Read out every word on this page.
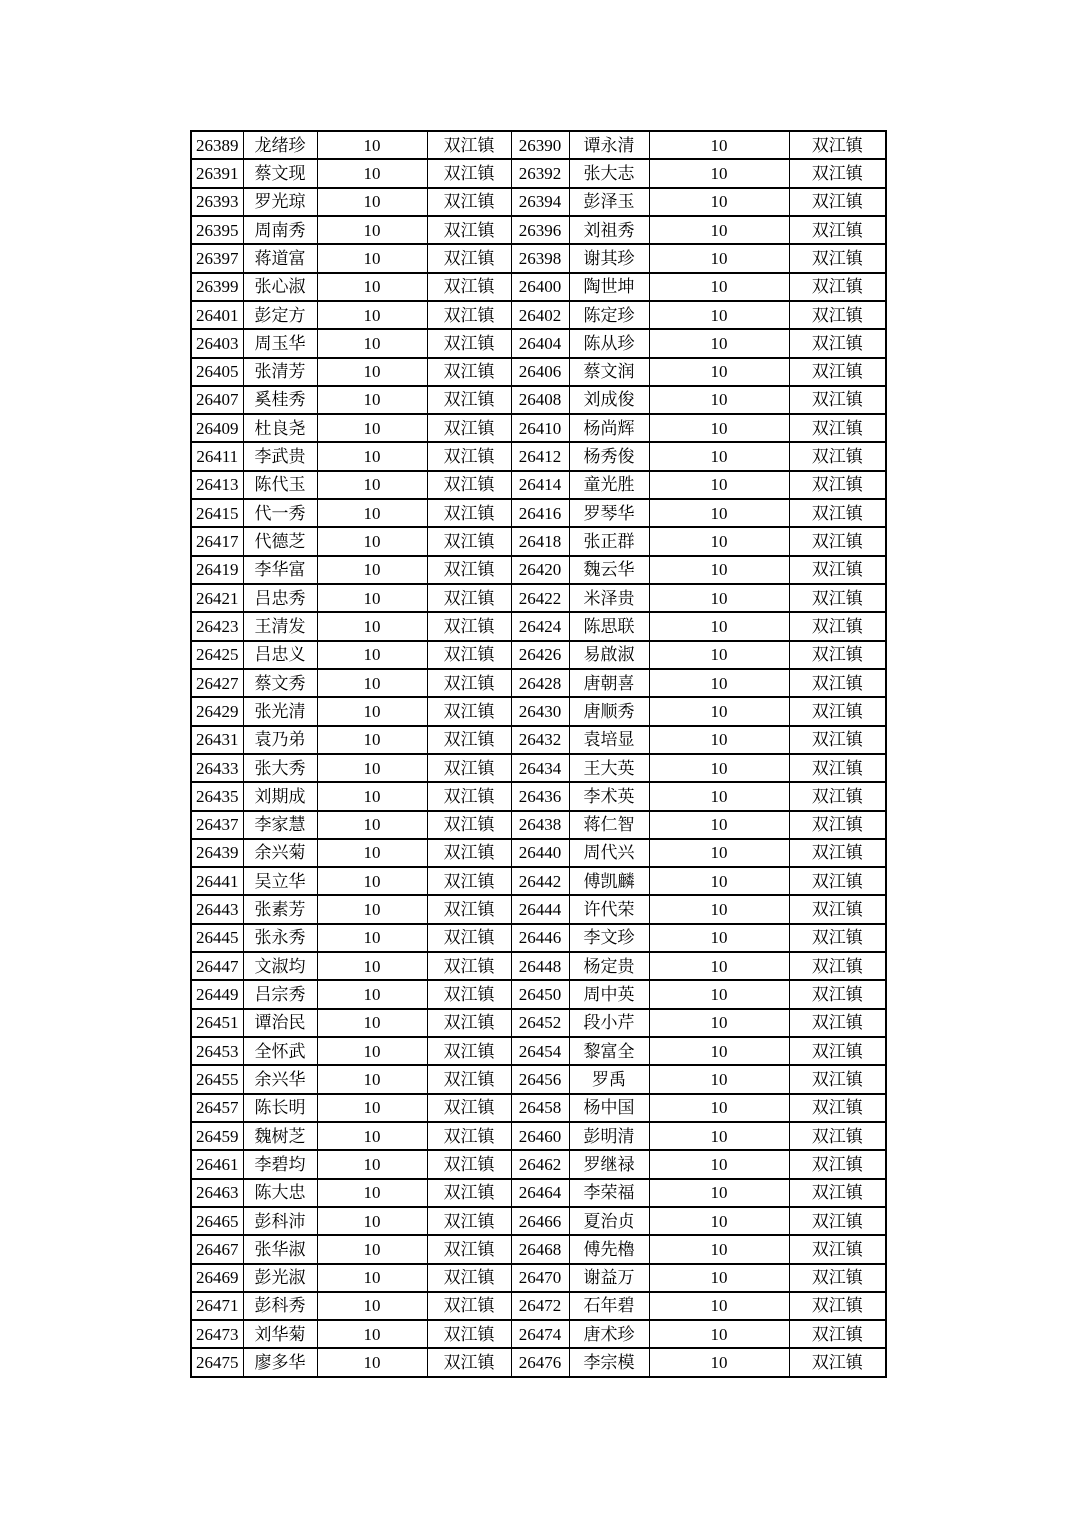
26389	龙绪珍	10	双江镇	26390	谭永清	10	双江镇
26391	蔡文现	10	双江镇	26392	张大志	10	双江镇
26393	罗光琼	10	双江镇	26394	彭泽玉	10	双江镇
26395	周南秀	10	双江镇	26396	刘祖秀	10	双江镇
26397	蒋道富	10	双江镇	26398	谢其珍	10	双江镇
26399	张心淑	10	双江镇	26400	陶世坤	10	双江镇
26401	彭定方	10	双江镇	26402	陈定珍	10	双江镇
26403	周玉华	10	双江镇	26404	陈从珍	10	双江镇
26405	张清芳	10	双江镇	26406	蔡文润	10	双江镇
26407	奚桂秀	10	双江镇	26408	刘成俊	10	双江镇
26409	杜良尧	10	双江镇	26410	杨尚辉	10	双江镇
26411	李武贵	10	双江镇	26412	杨秀俊	10	双江镇
26413	陈代玉	10	双江镇	26414	童光胜	10	双江镇
26415	代一秀	10	双江镇	26416	罗琴华	10	双江镇
26417	代德芝	10	双江镇	26418	张正群	10	双江镇
26419	李华富	10	双江镇	26420	魏云华	10	双江镇
26421	吕忠秀	10	双江镇	26422	米泽贵	10	双江镇
26423	王清发	10	双江镇	26424	陈思联	10	双江镇
26425	吕忠义	10	双江镇	26426	易啟淑	10	双江镇
26427	蔡文秀	10	双江镇	26428	唐朝喜	10	双江镇
26429	张光清	10	双江镇	26430	唐顺秀	10	双江镇
26431	袁乃弟	10	双江镇	26432	袁培显	10	双江镇
26433	张大秀	10	双江镇	26434	王大英	10	双江镇
26435	刘期成	10	双江镇	26436	李术英	10	双江镇
26437	李家慧	10	双江镇	26438	蒋仁智	10	双江镇
26439	余兴菊	10	双江镇	26440	周代兴	10	双江镇
26441	吴立华	10	双江镇	26442	傅凯麟	10	双江镇
26443	张素芳	10	双江镇	26444	许代荣	10	双江镇
26445	张永秀	10	双江镇	26446	李文珍	10	双江镇
26447	文淑均	10	双江镇	26448	杨定贵	10	双江镇
26449	吕宗秀	10	双江镇	26450	周中英	10	双江镇
26451	谭治民	10	双江镇	26452	段小芹	10	双江镇
26453	全怀武	10	双江镇	26454	黎富全	10	双江镇
26455	余兴华	10	双江镇	26456	罗禹	10	双江镇
26457	陈长明	10	双江镇	26458	杨中国	10	双江镇
26459	魏树芝	10	双江镇	26460	彭明清	10	双江镇
26461	李碧均	10	双江镇	26462	罗继禄	10	双江镇
26463	陈大忠	10	双江镇	26464	李荣福	10	双江镇
26465	彭科沛	10	双江镇	26466	夏治贞	10	双江镇
26467	张华淑	10	双江镇	26468	傅先櫓	10	双江镇
26469	彭光淑	10	双江镇	26470	谢益万	10	双江镇
26471	彭科秀	10	双江镇	26472	石年碧	10	双江镇
26473	刘华菊	10	双江镇	26474	唐术珍	10	双江镇
26475	廖多华	10	双江镇	26476	李宗模	10	双江镇
